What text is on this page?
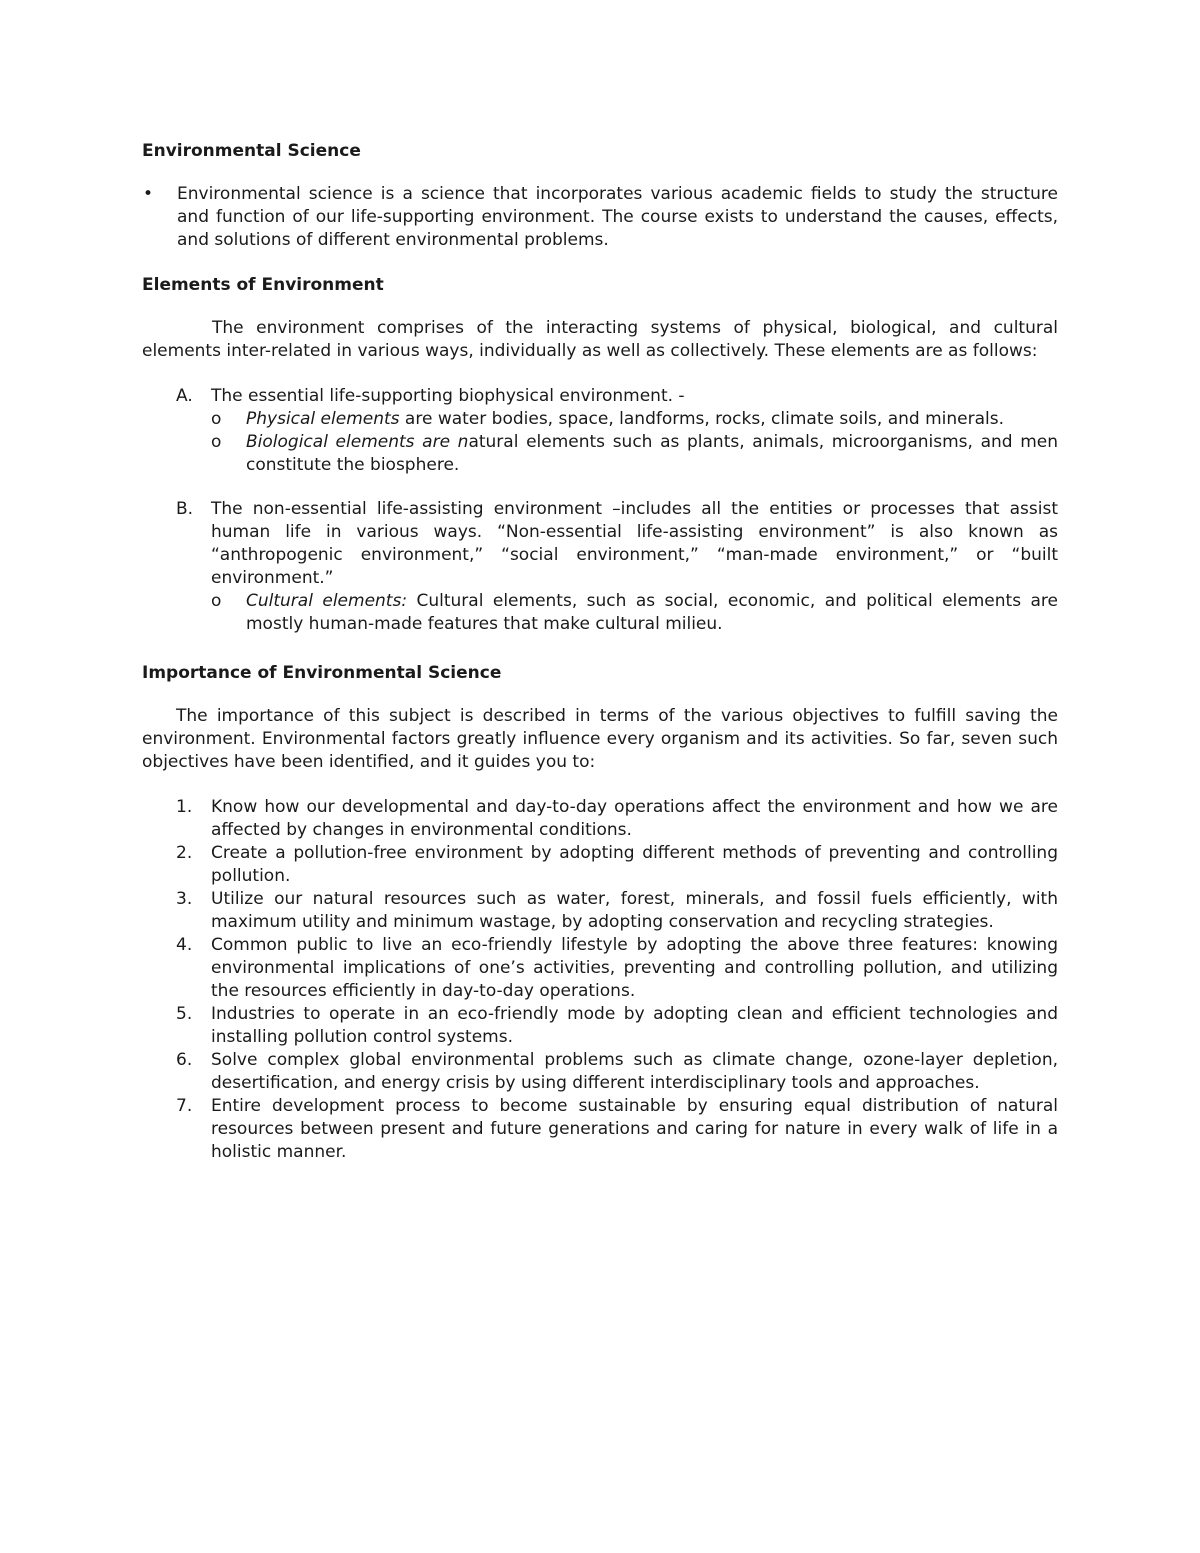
Environmental Science
•	Environmental science is a science that incorporates various academic fields to study the structure and function of our life-supporting environment. The course exists to understand the causes, effects, and solutions of different environmental problems.
Elements of Environment

The environment comprises of the interacting systems of physical, biological, and cultural elements inter-related in various ways, individually as well as collectively. These elements are as follows:

A.	The essential life-supporting biophysical environment. -
o	Physical elements are water bodies, space, landforms, rocks, climate soils, and minerals.
o	Biological elements are natural elements such as plants, animals, microorganisms, and men constitute the biosphere.
B.	The non-essential life-assisting environment –includes all the entities or processes that assist human life in various ways. “Non-essential life-assisting environment” is also known as “anthropogenic environment,” “social environment,” “man-made environment,” or “built environment.”
o	Cultural elements: Cultural elements, such as social, economic, and political elements are mostly human-made features that make cultural milieu.
Importance of Environmental Science

The importance of this subject is described in terms of the various objectives to fulfill saving the environment. Environmental factors greatly influence every organism and its activities. So far, seven such objectives have been identified, and it guides you to:

1.	Know how our developmental and day-to-day operations affect the environment and how we are affected by changes in environmental conditions.
2.	Create a pollution-free environment by adopting different methods of preventing and controlling pollution.
3.	Utilize our natural resources such as water, forest, minerals, and fossil fuels efficiently, with maximum utility and minimum wastage, by adopting conservation and recycling strategies.
4.	Common public to live an eco-friendly lifestyle by adopting the above three features: knowing environmental implications of one’s activities, preventing and controlling pollution, and utilizing the resources efficiently in day-to-day operations.
5.	Industries to operate in an eco-friendly mode by adopting clean and efficient technologies and installing pollution control systems.
6.	Solve complex global environmental problems such as climate change, ozone-layer depletion, desertification, and energy crisis by using different interdisciplinary tools and approaches.
7.	Entire development process to become sustainable by ensuring equal distribution of natural resources between present and future generations and caring for nature in every walk of life in a holistic manner.
